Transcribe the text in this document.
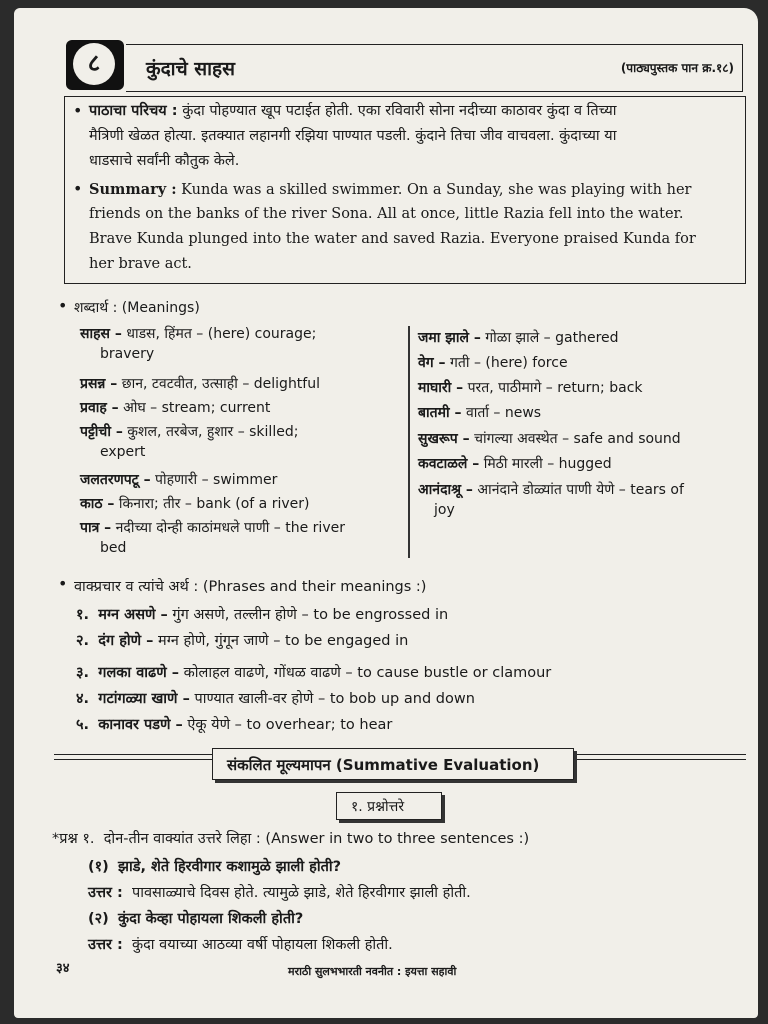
८	कुंदाचे साहस	(पाठ्यपुस्तक पान क्र.१८)
• पाठाचा परिचय : कुंदा पोहण्यात खूप पटाईत होती. एका रविवारी सोना नदीच्या काठावर कुंदा व तिच्या
मैत्रिणी खेळत होत्या. इतक्यात लहानगी रझिया पाण्यात पडली. कुंदाने तिचा जीव वाचवला. कुंदाच्या या
धाडसाचे सर्वांनी कौतुक केले.
• Summary : Kunda was a skilled swimmer. On a Sunday, she was playing with her
friends on the banks of the river Sona. All at once, little Razia fell into the water.
Brave Kunda plunged into the water and saved Razia. Everyone praised Kunda for
her brave act.
• शब्दार्थ : (Meanings)
साहस – धाडस, हिंमत – (here) courage;
bravery
प्रसन्न – छान, टवटवीत, उत्साही – delightful
प्रवाह – ओघ – stream; current
पट्टीची – कुशल, तरबेज, हुशार – skilled;
expert
जलतरणपटू – पोहणारी – swimmer
काठ – किनारा; तीर – bank (of a river)
पात्र – नदीच्या दोन्ही काठांमधले पाणी – the river
bed
जमा झाले – गोळा झाले – gathered
वेग – गती – (here) force
माघारी – परत, पाठीमागे – return; back
बातमी – वार्ता – news
सुखरूप – चांगल्या अवस्थेत – safe and sound
कवटाळले – मिठी मारली – hugged
आनंदाश्रू – आनंदाने डोळ्यांत पाणी येणे – tears of
joy
• वाक्प्रचार व त्यांचे अर्थ : (Phrases and their meanings :)
१. मग्न असणे – गुंग असणे, तल्लीन होणे – to be engrossed in
२. दंग होणे – मग्न होणे, गुंगून जाणे – to be engaged in
३. गलका वाढणे – कोलाहल वाढणे, गोंधळ वाढणे – to cause bustle or clamour
४. गटांगळ्या खाणे – पाण्यात खाली-वर होणे – to bob up and down
५. कानावर पडणे – ऐकू येणे – to overhear; to hear
संकलित मूल्यमापन (Summative Evaluation)
१. प्रश्नोत्तरे
*प्रश्न १. दोन-तीन वाक्यांत उत्तरे लिहा : (Answer in two to three sentences :)
(१) झाडे, शेते हिरवीगार कशामुळे झाली होती?
उत्तर : पावसाळ्याचे दिवस होते. त्यामुळे झाडे, शेते हिरवीगार झाली होती.
(२) कुंदा केव्हा पोहायला शिकली होती?
उत्तर : कुंदा वयाच्या आठव्या वर्षी पोहायला शिकली होती.
३४	मराठी सुलभभारती नवनीत : इयत्ता सहावी
